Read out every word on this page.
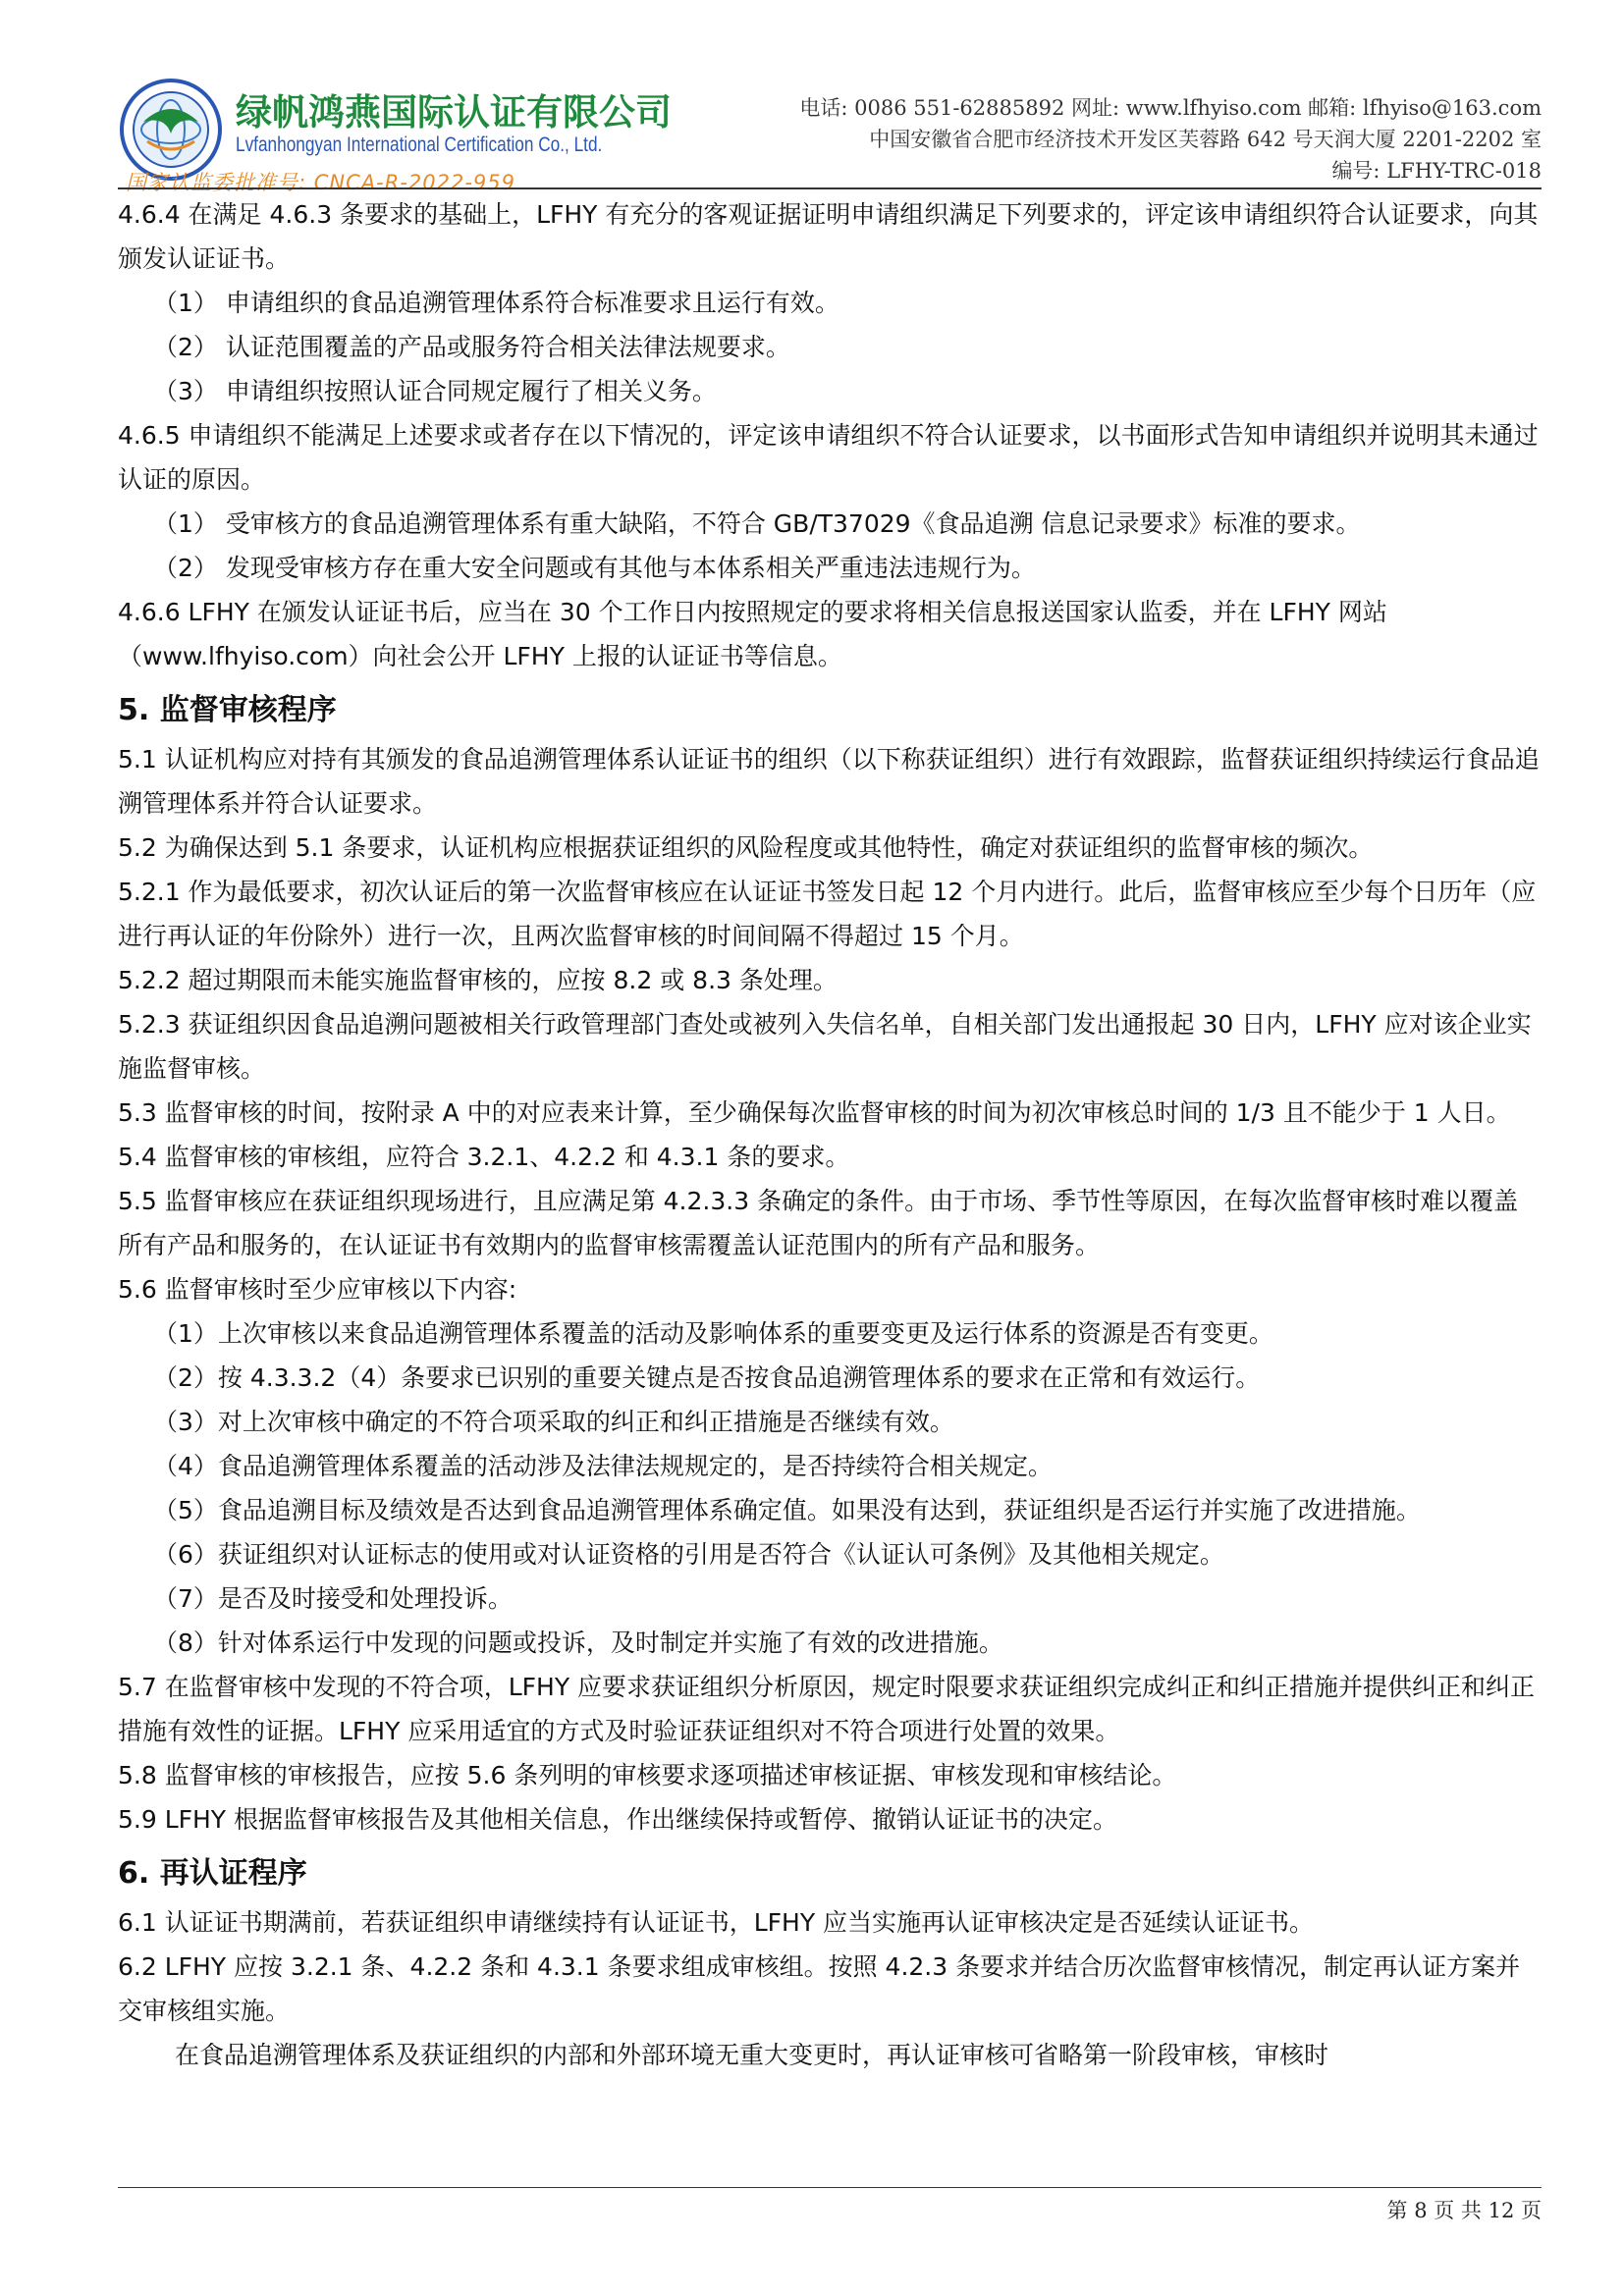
绿帆鸿燕国际认证有限公司
Lvfanhongyan International Certification Co., Ltd.
国家认监委批准号: CNCA-R-2022-959
电话: 0086 551-62885892 网址: www.lfhyiso.com 邮箱: lfhyiso@163.com
中国安徽省合肥市经济技术开发区芙蓉路 642 号天润大厦 2201-2202 室
编号: LFHY-TRC-018

4.6.4 在满足 4.6.3 条要求的基础上，LFHY 有充分的客观证据证明申请组织满足下列要求的，评定该申请组织符合认证要求，向其颁发认证证书。

（1） 申请组织的食品追溯管理体系符合标准要求且运行有效。

（2） 认证范围覆盖的产品或服务符合相关法律法规要求。

（3） 申请组织按照认证合同规定履行了相关义务。

4.6.5 申请组织不能满足上述要求或者存在以下情况的，评定该申请组织不符合认证要求，以书面形式告知申请组织并说明其未通过认证的原因。

（1） 受审核方的食品追溯管理体系有重大缺陷，不符合 GB/T37029《食品追溯 信息记录要求》标准的要求。

（2） 发现受审核方存在重大安全问题或有其他与本体系相关严重违法违规行为。

4.6.6 LFHY 在颁发认证证书后，应当在 30 个工作日内按照规定的要求将相关信息报送国家认监委，并在 LFHY 网站（www.lfhyiso.com）向社会公开 LFHY 上报的认证证书等信息。

5. 监督审核程序

5.1 认证机构应对持有其颁发的食品追溯管理体系认证证书的组织（以下称获证组织）进行有效跟踪，监督获证组织持续运行食品追溯管理体系并符合认证要求。

5.2 为确保达到 5.1 条要求，认证机构应根据获证组织的风险程度或其他特性，确定对获证组织的监督审核的频次。

5.2.1 作为最低要求，初次认证后的第一次监督审核应在认证证书签发日起 12 个月内进行。此后，监督审核应至少每个日历年（应进行再认证的年份除外）进行一次，且两次监督审核的时间间隔不得超过 15 个月。

5.2.2 超过期限而未能实施监督审核的，应按 8.2 或 8.3 条处理。

5.2.3 获证组织因食品追溯问题被相关行政管理部门查处或被列入失信名单，自相关部门发出通报起 30 日内，LFHY 应对该企业实施监督审核。

5.3 监督审核的时间，按附录 A 中的对应表来计算，至少确保每次监督审核的时间为初次审核总时间的 1/3 且不能少于 1 人日。

5.4 监督审核的审核组，应符合 3.2.1、4.2.2 和 4.3.1 条的要求。

5.5 监督审核应在获证组织现场进行，且应满足第 4.2.3.3 条确定的条件。由于市场、季节性等原因，在每次监督审核时难以覆盖所有产品和服务的，在认证证书有效期内的监督审核需覆盖认证范围内的所有产品和服务。

5.6 监督审核时至少应审核以下内容:

（1）上次审核以来食品追溯管理体系覆盖的活动及影响体系的重要变更及运行体系的资源是否有变更。

（2）按 4.3.3.2（4）条要求已识别的重要关键点是否按食品追溯管理体系的要求在正常和有效运行。

（3）对上次审核中确定的不符合项采取的纠正和纠正措施是否继续有效。

（4）食品追溯管理体系覆盖的活动涉及法律法规规定的，是否持续符合相关规定。

（5）食品追溯目标及绩效是否达到食品追溯管理体系确定值。如果没有达到，获证组织是否运行并实施了改进措施。

（6）获证组织对认证标志的使用或对认证资格的引用是否符合《认证认可条例》及其他相关规定。

（7）是否及时接受和处理投诉。

（8）针对体系运行中发现的问题或投诉，及时制定并实施了有效的改进措施。

5.7 在监督审核中发现的不符合项，LFHY 应要求获证组织分析原因，规定时限要求获证组织完成纠正和纠正措施并提供纠正和纠正措施有效性的证据。LFHY 应采用适宜的方式及时验证获证组织对不符合项进行处置的效果。

5.8 监督审核的审核报告，应按 5.6 条列明的审核要求逐项描述审核证据、审核发现和审核结论。

5.9 LFHY 根据监督审核报告及其他相关信息，作出继续保持或暂停、撤销认证证书的决定。

6. 再认证程序

6.1 认证证书期满前，若获证组织申请继续持有认证证书，LFHY 应当实施再认证审核决定是否延续认证证书。

6.2 LFHY 应按 3.2.1 条、4.2.2 条和 4.3.1 条要求组成审核组。按照 4.2.3 条要求并结合历次监督审核情况，制定再认证方案并交审核组实施。

在食品追溯管理体系及获证组织的内部和外部环境无重大变更时，再认证审核可省略第一阶段审核，审核时

第 8 页 共 12 页
